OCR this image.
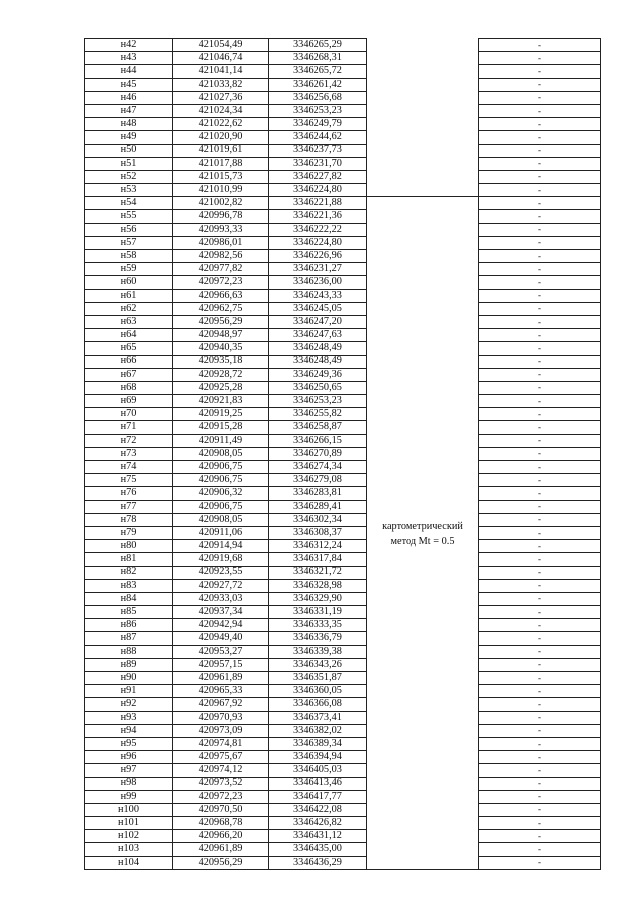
н42	421054,49	3346265,29		-
н43	421046,74	3346268,31		-
н44	421041,14	3346265,72		-
н45	421033,82	3346261,42		-
н46	421027,36	3346256,68		-
н47	421024,34	3346253,23		-
н48	421022,62	3346249,79		-
н49	421020,90	3346244,62		-
н50	421019,61	3346237,73		-
н51	421017,88	3346231,70		-
н52	421015,73	3346227,82		-
н53	421010,99	3346224,80		-
н54	421002,82	3346221,88	картометрический метод Mt = 0.5	-
н55	420996,78	3346221,36		-
н56	420993,33	3346222,22		-
н57	420986,01	3346224,80		-
н58	420982,56	3346226,96		-
н59	420977,82	3346231,27		-
н60	420972,23	3346236,00		-
н61	420966,63	3346243,33		-
н62	420962,75	3346245,05		-
н63	420956,29	3346247,20		-
н64	420948,97	3346247,63		-
н65	420940,35	3346248,49		-
н66	420935,18	3346248,49		-
н67	420928,72	3346249,36		-
н68	420925,28	3346250,65		-
н69	420921,83	3346253,23		-
н70	420919,25	3346255,82		-
н71	420915,28	3346258,87		-
н72	420911,49	3346266,15		-
н73	420908,05	3346270,89		-
н74	420906,75	3346274,34		-
н75	420906,75	3346279,08		-
н76	420906,32	3346283,81		-
н77	420906,75	3346289,41		-
н78	420908,05	3346302,34		-
н79	420911,06	3346308,37		-
н80	420914,94	3346312,24		-
н81	420919,68	3346317,84		-
н82	420923,55	3346321,72		-
н83	420927,72	3346328,98		-
н84	420933,03	3346329,90		-
н85	420937,34	3346331,19		-
н86	420942,94	3346333,35		-
н87	420949,40	3346336,79		-
н88	420953,27	3346339,38		-
н89	420957,15	3346343,26		-
н90	420961,89	3346351,87		-
н91	420965,33	3346360,05		-
н92	420967,92	3346366,08		-
н93	420970,93	3346373,41		-
н94	420973,09	3346382,02		-
н95	420974,81	3346389,34		-
н96	420975,67	3346394,94		-
н97	420974,12	3346405,03		-
н98	420973,52	3346413,46		-
н99	420972,23	3346417,77		-
н100	420970,50	3346422,08		-
н101	420968,78	3346426,82		-
н102	420966,20	3346431,12		-
н103	420961,89	3346435,00		-
н104	420956,29	3346436,29		-
